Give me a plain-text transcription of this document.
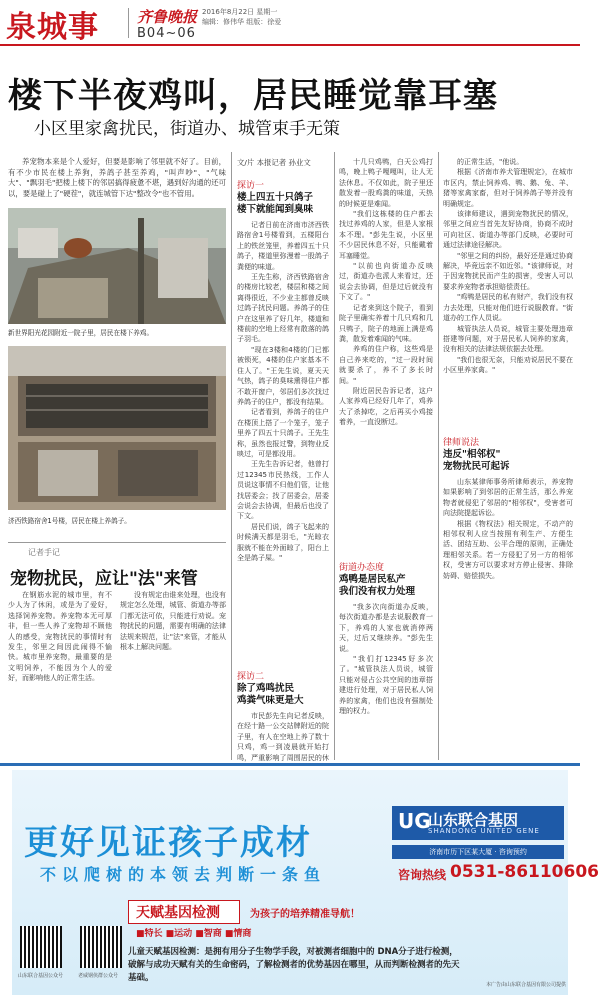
泉城事	齐鲁晚报 2016年8月22日 星期一
编辑：修伟华 组版：徐爱
B04~06
楼下半夜鸡叫，居民睡觉靠耳塞
小区里家禽扰民，街道办、城管束手无策

养宠物本来是个人爱好，但要是影响了邻里就不好了。目前，有不少市民在楼上养狗，养鸽子甚至养鸡，"叫声吵"、"气味大"、"飘羽毛"把楼上楼下的邻居搞得疲惫不堪，遇到好沟通的还可以，要是碰上了"硬茬"，就连城管下达"整改令"也不管用。

新世界阳光花园附近一院子里，居民在楼下养鸡。
济西铁路宿舍1号楼，居民在楼上养鸽子。
记者手记
宠物扰民，应让"法"来管

在钢筋水泥的城市里，有不少人为了休闲，或是为了爱好，选择饲养宠物。养宠物本无可厚非，但一些人养了宠物却不顾他人的感受，宠物扰民的事情时有发生，邻里之间因此闹得不愉快。城市里养宠物，最重要的是文明饲养，不能因为个人的爱好，而影响他人的正常生活。

没有规定由谁来处理，也没有规定怎么处理，城管、街道办等部门都无法可依，只能进行劝说。宠物扰民的问题，需要有明确的法律法规来规范，让"法"来管，才能从根本上解决问题。

文/片 本报记者 孙业文
探访一
楼上四五十只鸽子
楼下就能闻到臭味

记者日前在济南市济西铁路宿舍1号楼看到，五楼阳台上的铁丝笼里，养着四五十只鸽子，楼道里弥漫着一股鸽子粪便的味道。

王先生称，济西铁路宿舍的楼房比较老，楼层和楼之间离得很近，不少业主都曾反映过鸽子扰民问题。养鸽子的住户在这里养了好几年，楼道和楼前的空地上经常有散落的鸽子羽毛。

"现在3楼和4楼的门已都被锁死，4楼的住户家基本不住人了。"王先生说，夏天天气热，鸽子的臭味熏得住户都不敢开窗户，邻居们多次找过养鸽子的住户，都没有结果。

记者看到，养鸽子的住户在楼顶上搭了一个笼子，笼子里养了四五十只鸽子。王先生称，虽然也报过警，到物业反映过，可是都没用。

王先生告诉记者，他曾打过12345市民热线，工作人员说这事情不归他们管，让他找居委会；找了居委会，居委会说会去协调，但最后也没了下文。

居民们说，鸽子飞起来的时候满天都是羽毛，"光晾衣服就不能在外面晾了，阳台上全是鸽子屎。"

探访二
除了鸡鸣扰民
鸡粪气味更是大

市民彭先生向记者反映，在经十路一公交站牌附近的院子里，有人在空地上养了数十只鸡，鸡一到凌晨就开始打鸣，严重影响了周围居民的休

十几只鸡鸭，白天公鸡打鸣，晚上鸭子嘎嘎叫，让人无法休息。不仅如此，院子里还散发着一股鸡粪的味道，天热的时候更是难闻。

"我们这栋楼的住户都去找过养鸡的人家，但是人家根本不理。"彭先生说，小区里不少居民休息不好，只能戴着耳塞睡觉。

"以前也向街道办反映过，街道办也派人来看过，还说会去协调，但是过后就没有下文了。"

记者来到这个院子，看到院子里确实养着十几只鸡和几只鸭子，院子的地面上满是鸡粪，散发着难闻的气味。

养鸡的住户称，这些鸡是自己养来吃的，"过一段时间就要杀了，养不了多长时间。"

附近居民告诉记者，这户人家养鸡已经好几年了，鸡养大了杀掉吃，之后再买小鸡接着养，一直没断过。

街道办态度
鸡鸭是居民私产
我们没有权力处理

"我多次向街道办反映，每次街道办都是去说服教育一下，养鸡的人家也就消停两天，过后又继续养。"彭先生说。

"我们打12345好多次了。"城管执法人员说，城管只能对侵占公共空间的违章搭建进行处理，对于居民私人饲养的家禽，他们也没有强制处理的权力。

的正常生活，"他说。

根据《济南市养犬管理规定》，在城市市区内，禁止饲养鸡、鸭、鹅、兔、羊、猪等家禽家畜，但对于饲养鸽子等并没有明确规定。

该律师建议，遇到宠物扰民的情况，邻里之间应当首先友好协商，协商不成时可向社区、街道办等部门反映，必要时可通过法律途径解决。

"邻里之间的纠纷，最好还是通过协商解决，毕竟远亲不如近邻。"该律师说，对于因宠物扰民而产生的损害，受害人可以要求养宠物者承担赔偿责任。

"鸡鸭是居民的私有财产，我们没有权力去处理，只能对他们进行说服教育。"街道办的工作人员说。

城管执法人员说，城管主要处理违章搭建等问题，对于居民私人饲养的家禽，没有相关的法律法规依据去处理。

"我们也很无奈，只能劝说居民不要在小区里养家禽。"

律师说法
违反"相邻权"
宠物扰民可起诉

山东某律师事务所律师表示，养宠物如果影响了到邻居的正常生活，那么养宠物者就侵犯了邻居的"相邻权"，受害者可向法院提起诉讼。

根据《物权法》相关规定，不动产的相邻权利人应当按照有利生产、方便生活、团结互助、公平合理的原则，正确处理相邻关系。若一方侵犯了另一方的相邻权，受害方可以要求对方停止侵害、排除妨碍、赔偿损失。

更好见证孩子成材
不以爬树的本领去判断一条鱼
UG
山东联合基因
SHANDONG UNITED GENE
济南市历下区某大厦 · 咨询预约
咨询热线 0531-86110606
天赋基因检测	为孩子的培养精准导航！
■特长 ■运动 ■智商 ■情商
儿童天赋基因检测：是拥有用分子生物学手段，对被测者细胞中的 DNA分子进行检测，破解与成功天赋有关的生命密码，了解检测者的优势基因在哪里，从而判断检测者的先天基础。
山东联合基因公众号	老威钢侠群公众号
本广告由山东联合基因有限公司提供
